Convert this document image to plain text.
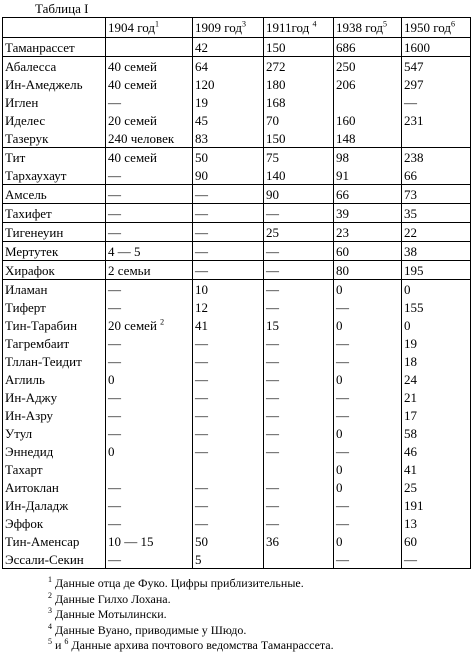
Таблица I

	1904 год$^1$	1909 год$^3$	1911год $^4$	1938 год$^5$	1950 год$^6$
Таманрассет		42	150	686	1600
Абалесса	40 семей	64	272	250	547
Ин-Амеджель	40 семей	120	180	206	297
Иглен	—	19	168		—
Иделес	20 семей	45	70	160	231
Тазерук	240 человек	83	150	148	
Тит	40 семей	50	75	98	238
Тархаухаут	—	90	140	91	66
Амсель	—	—	90	66	73
Тахифет	—	—	—	39	35
Тигенеуин	—	—	25	23	22
Мертутек	4 — 5	—	—	60	38
Хирафок	2 семьи	—	—	80	195
Иламан	—	10	—	0	0
Тиферт	—	12	—	—	155
Тин-Тарабин	20 семей $^2$	41	15	0	0
Тагрембаит	—	—	—	—	19
Тллан-Теидит	—	—	—	—	18
Аглиль	0	—	—	0	24
Ин-Аджу	—	—	—	—	21
Ин-Азру	—	—	—	—	17
Утул	—	—	—	0	58
Эннедид	0	—	—	—	46
Тахарт				0	41
Аитоклан	—	—	—	0	25
Ин-Даладж	—	—	—	—	191
Эффок	—	—	—	—	13
Тин-Аменсар	10 — 15	50	36	0	60
Эссали-Секин	—	5		—	—
$^1$ Данные отца де Фуко. Цифры приблизительные.
$^2$ Данные Гилхо Лохана.
$^3$ Данные Мотылински.
$^4$ Данные Вуано, приводимые у Шюдо.
$^5$ и $^6$ Данные архива почтового ведомства Таманрассета.
